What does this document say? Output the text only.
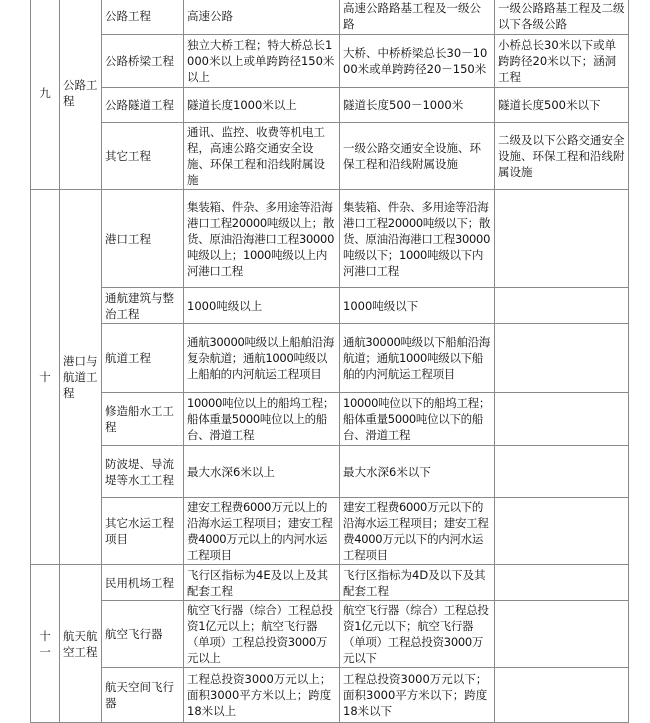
九	公路工程	公路工程	高速公路	高速公路路基工程及一级公路	一级公路路基工程及二级以下各级公路
		公路桥梁工程	独立大桥工程；特大桥总长1000米以上或单跨跨径150米以上	大桥、中桥桥梁总长30－1000米或单跨跨径20－150米	小桥总长30米以下或单跨跨径20米以下；涵洞工程
		公路隧道工程	隧道长度1000米以上	隧道长度500－1000米	隧道长度500米以下
		其它工程	通讯、监控、收费等机电工程，高速公路交通安全设施、环保工程和沿线附属设施	一级公路交通安全设施、环保工程和沿线附属设施	二级及以下公路交通安全设施、环保工程和沿线附属设施
十	港口与航道工程	港口工程	集装箱、件杂、多用途等沿海港口工程20000吨级以上；散货、原油沿海港口工程30000吨级以上；1000吨级以上内河港口工程	集装箱、件杂、多用途等沿海港口工程20000吨级以下；散货、原油沿海港口工程30000吨级以下；1000吨级以下内河港口工程	
		通航建筑与整治工程	1000吨级以上	1000吨级以下	
		航道工程	通航30000吨级以上船舶沿海复杂航道；通航1000吨级以上船舶的内河航运工程项目	通航30000吨级以下船舶沿海航道；通航1000吨级以下船舶的内河航运工程项目	
		修造船水工工程	10000吨位以上的船坞工程；船体重量5000吨位以上的船台、滑道工程	10000吨位以下的船坞工程；船体重量5000吨位以下的船台、滑道工程	
		防波堤、导流堤等水工工程	最大水深6米以上	最大水深6米以下	
		其它水运工程项目	建安工程费6000万元以上的沿海水运工程项目；建安工程费4000万元以上的内河水运工程项目	建安工程费6000万元以下的沿海水运工程项目；建安工程费4000万元以下的内河水运工程项目	
十一	航天航空工程	民用机场工程	飞行区指标为4E及以上及其配套工程	飞行区指标为4D及以下及其配套工程	
		航空飞行器	航空飞行器（综合）工程总投资1亿元以上；航空飞行器（单项）工程总投资3000万元以上	航空飞行器（综合）工程总投资1亿元以下；航空飞行器（单项）工程总投资3000万元以下	
		航天空间飞行器	工程总投资3000万元以上；面积3000平方米以上；跨度18米以上	工程总投资3000万元以下；面积3000平方米以下；跨度18米以下	
